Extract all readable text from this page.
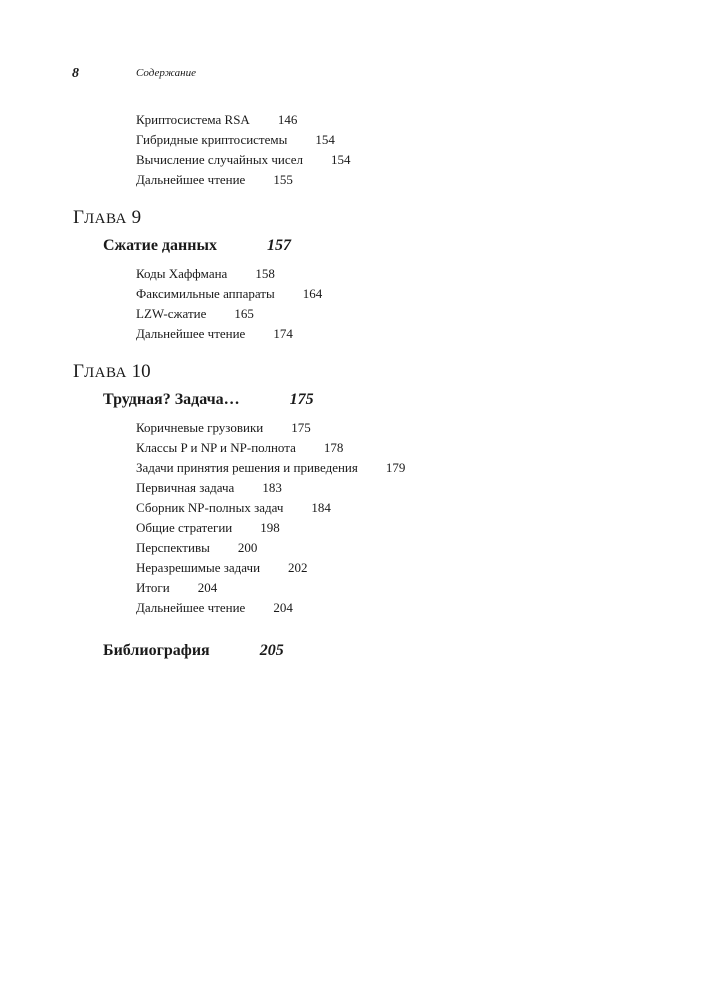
8	Содержание
Криптосистема RSA 146
Гибридные криптосистемы 154
Вычисление случайных чисел 154
Дальнейшее чтение 155
ГЛАВА 9
Сжатие данных	157
Коды Хаффмана 158
Факсимильные аппараты 164
LZW-сжатие 165
Дальнейшее чтение 174
ГЛАВА 10
Трудная? Задача…	175
Коричневые грузовики 175
Классы P и NP и NP-полнота 178
Задачи принятия решения и приведения 179
Первичная задача 183
Сборник NP-полных задач 184
Общие стратегии 198
Перспективы 200
Неразрешимые задачи 202
Итоги 204
Дальнейшее чтение 204
Библиография	205
